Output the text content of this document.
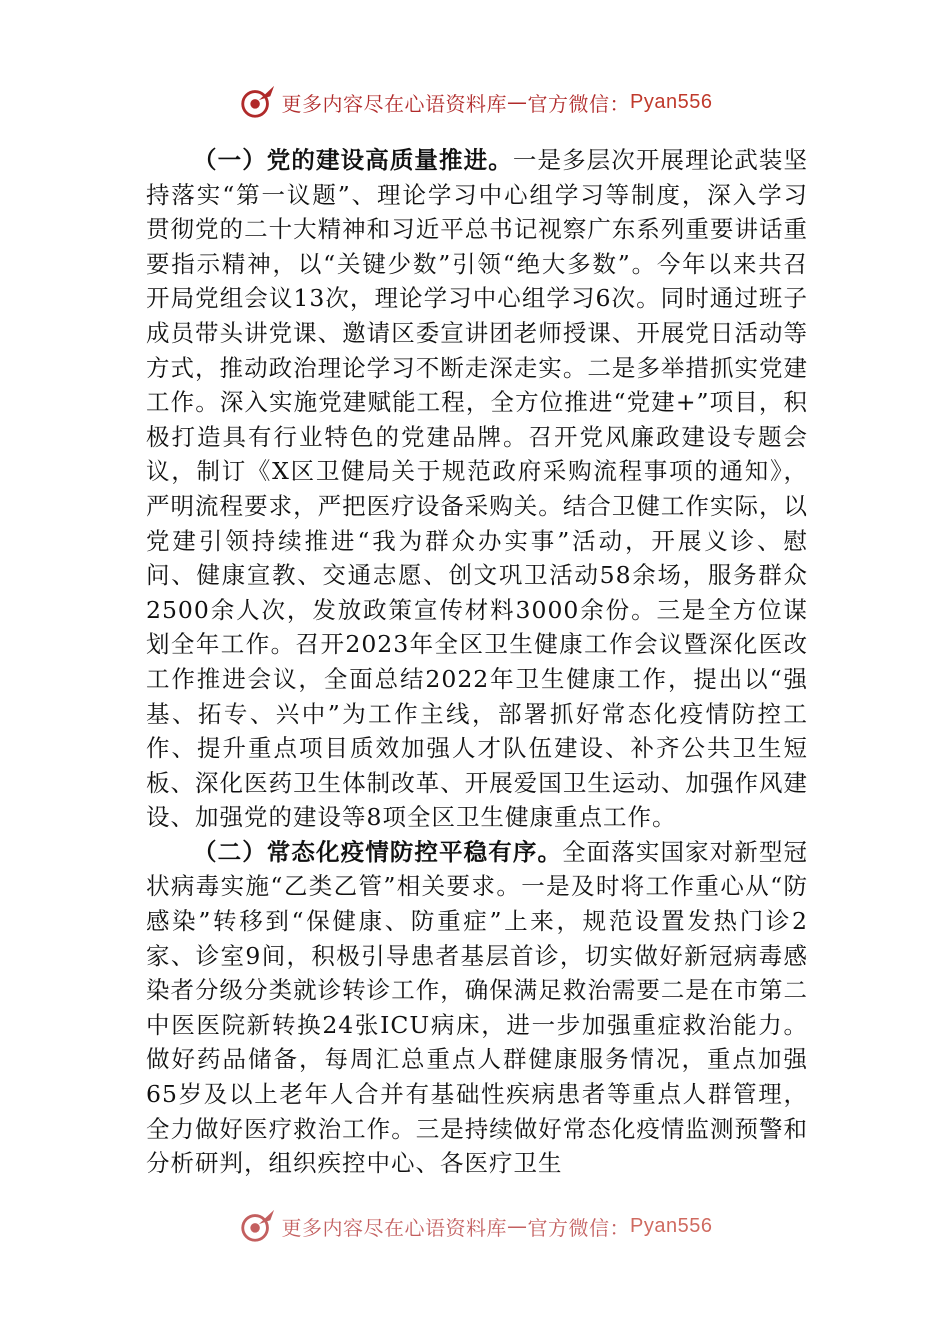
更多内容尽在心语资料库 — 官方微信： Pyan556

（一）党的建设高质量推进。一是多层次开展理论武装坚持落实“第一议题”、理论学习中心组学习等制度，深入学习贯彻党的二十大精神和习近平总书记视察广东系列重要讲话重要指示精神，以“关键少数”引领“绝大多数”。今年以来共召开局党组会议13次，理论学习中心组学习6次。同时通过班子成员带头讲党课、邀请区委宣讲团老师授课、开展党日活动等方式，推动政治理论学习不断走深走实。二是多举措抓实党建工作。深入实施党建赋能工程，全方位推进“党建+”项目，积极打造具有行业特色的党建品牌。召开党风廉政建设专题会议，制订《X区卫健局关于规范政府采购流程事项的通知》，严明流程要求，严把医疗设备采购关。结合卫健工作实际，以党建引领持续推进“我为群众办实事”活动，开展义诊、慰问、健康宣教、交通志愿、创文巩卫活动58余场，服务群众2500余人次，发放政策宣传材料3000余份。三是全方位谋划全年工作。召开2023年全区卫生健康工作会议暨深化医改工作推进会议，全面总结2022年卫生健康工作，提出以“强基、拓专、兴中”为工作主线，部署抓好常态化疫情防控工作、提升重点项目质效加强人才队伍建设、补齐公共卫生短板、深化医药卫生体制改革、开展爱国卫生运动、加强作风建设、加强党的建设等8项全区卫生健康重点工作。

（二）常态化疫情防控平稳有序。全面落实国家对新型冠状病毒实施“乙类乙管”相关要求。一是及时将工作重心从“防感染”转移到“保健康、防重症”上来，规范设置发热门诊2家、诊室9间，积极引导患者基层首诊，切实做好新冠病毒感染者分级分类就诊转诊工作，确保满足救治需要二是在市第二中医医院新转换24张ICU病床，进一步加强重症救治能力。做好药品储备，每周汇总重点人群健康服务情况，重点加强65岁及以上老年人合并有基础性疾病患者等重点人群管理，全力做好医疗救治工作。三是持续做好常态化疫情监测预警和分析研判，组织疾控中心、各医疗卫生

更多内容尽在心语资料库 — 官方微信： Pyan556
